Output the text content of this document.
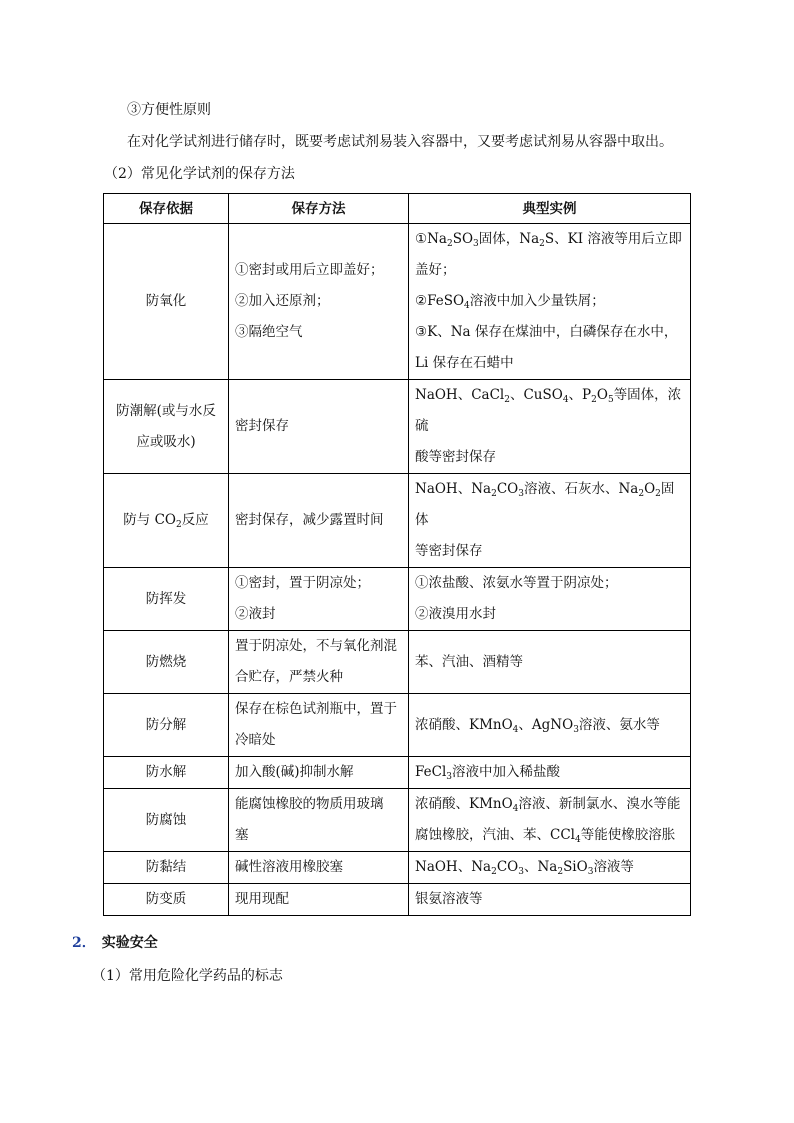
③方便性原则
在对化学试剂进行储存时，既要考虑试剂易装入容器中，又要考虑试剂易从容器中取出。
（2）常见化学试剂的保存方法
保存依据	保存方法	典型实例

防氧化	①密封或用后立即盖好；
②加入还原剂；
③隔绝空气	$①Na_2SO_3$固体，$Na_2S$、KI 溶液等用后立即
盖好；
②FeSO$_4$溶液中加入少量铁屑；
③K、Na 保存在煤油中，白磷保存在水中，
Li 保存在石蜡中

防潮解(或与水反
应或吸水)	密封保存	NaOH、CaCl$_2$、CuSO$_4$、$P_2O_5$等固体，浓硫
酸等密封保存

防与 $CO_2$反应	密封保存，减少露置时间	NaOH、$Na_2CO_3$溶液、石灰水、$Na_2O_2$固体
等密封保存

防挥发	①密封，置于阴凉处；
②液封	①浓盐酸、浓氨水等置于阴凉处；
②液溴用水封

防燃烧	置于阴凉处，不与氧化剂混
合贮存，严禁火种	苯、汽油、酒精等

防分解	保存在棕色试剂瓶中，置于
冷暗处	浓硝酸、KMnO$_4$、AgNO$_3$溶液、氨水等

防水解	加入酸(碱)抑制水解	FeCl$_3$溶液中加入稀盐酸

防腐蚀	能腐蚀橡胶的物质用玻璃
塞	浓硝酸、KMnO$_4$溶液、新制氯水、溴水等能
腐蚀橡胶，汽油、苯、CCl$_4$等能使橡胶溶胀

防黏结	碱性溶液用橡胶塞	NaOH、$Na_2CO_3$、$Na_2SiO_3$溶液等

防变质	现用现配	银氨溶液等
2． 实验安全
（1）常用危险化学药品的标志
